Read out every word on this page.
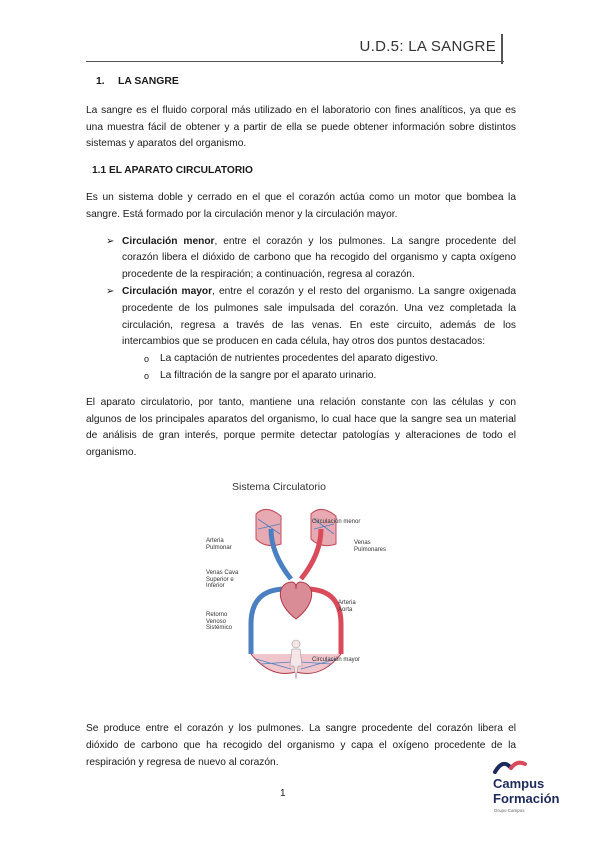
U.D.5: LA SANGRE
1. LA SANGRE

La sangre es el fluido corporal más utilizado en el laboratorio con fines analíticos, ya que es una muestra fácil de obtener y a partir de ella se puede obtener información sobre distintos sistemas y aparatos del organismo.

1.1 EL APARATO CIRCULATORIO

Es un sistema doble y cerrado en el que el corazón actúa como un motor que bombea la sangre. Está formado por la circulación menor y la circulación mayor.

➢ Circulación menor, entre el corazón y los pulmones. La sangre procedente del corazón libera el dióxido de carbono que ha recogido del organismo y capta oxígeno procedente de la respiración; a continuación, regresa al corazón.
➢ Circulación mayor, entre el corazón y el resto del organismo. La sangre oxigenada procedente de los pulmones sale impulsada del corazón. Una vez completada la circulación, regresa a través de las venas. En este circuito, además de los intercambios que se producen en cada célula, hay otros dos puntos destacados:
o La captación de nutrientes procedentes del aparato digestivo.
o La filtración de la sangre por el aparato urinario.

El aparato circulatorio, por tanto, mantiene una relación constante con las células y con algunos de los principales aparatos del organismo, lo cual hace que la sangre sea un material de análisis de gran interés, porque permite detectar patologías y alteraciones de todo el organismo.

Sistema Circulatorio
Arteria Pulmonar
Venas Cava Superior e Inferior
Retorno Venoso Sistémico
Circulación menor
Venas Pulmonares
Arteria Aorta
Circulación mayor

Se produce entre el corazón y los pulmones. La sangre procedente del corazón libera el dióxido de carbono que ha recogido del organismo y capa el oxígeno procedente de la respiración y regresa de nuevo al corazón.

1
Campus
Formación
Grupo Campus
